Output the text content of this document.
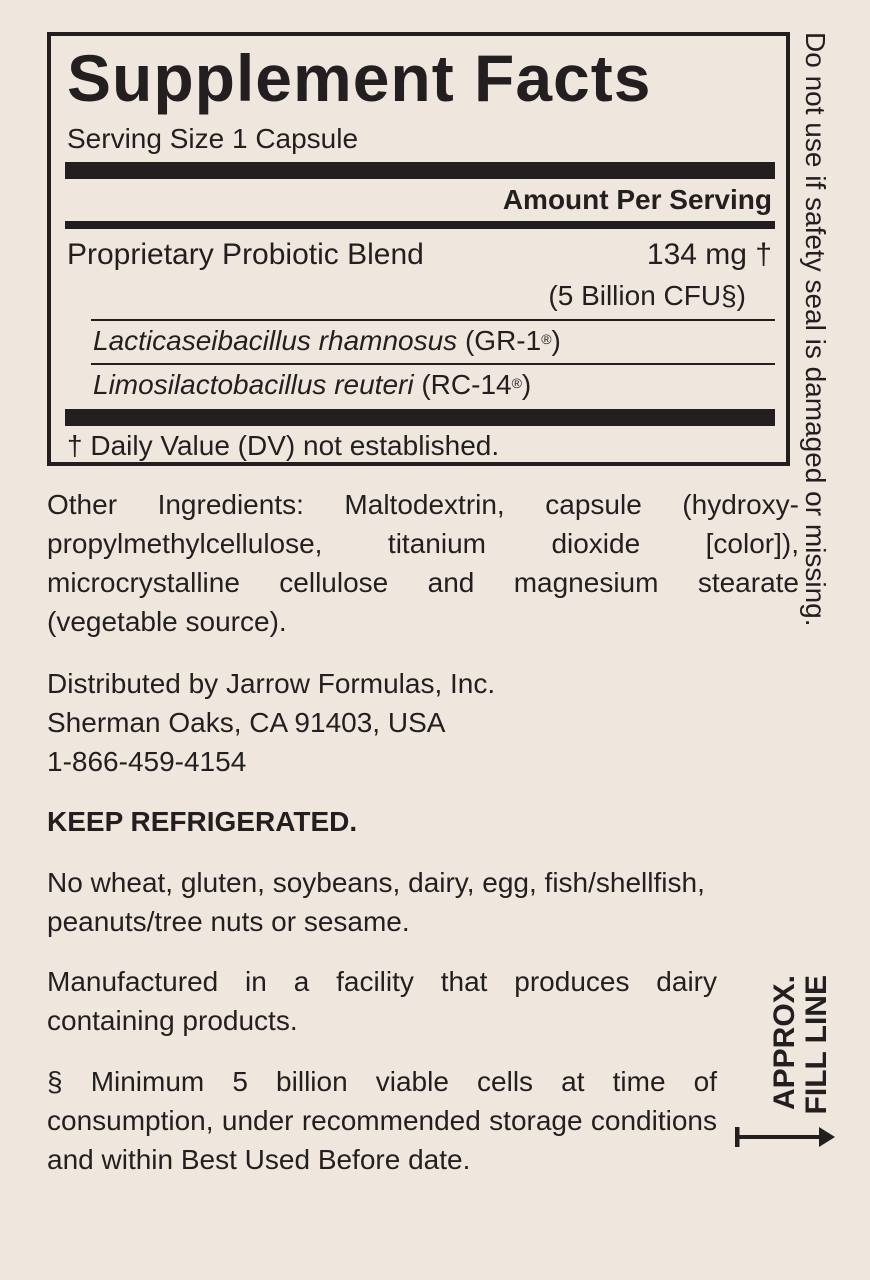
Supplement Facts
Serving Size 1 Capsule
Amount Per Serving
Proprietary Probiotic Blend	134 mg †
(5 Billion CFU§)
Lacticaseibacillus rhamnosus (GR-1®)
Limosilactobacillus reuteri (RC-14®)
† Daily Value (DV) not established.
Other Ingredients: Maltodextrin, capsule (hydroxy-propylmethylcellulose, titanium dioxide [color]), microcrystalline cellulose and magnesium stearate (vegetable source).
Distributed by Jarrow Formulas, Inc.
Sherman Oaks, CA 91403, USA
1-866-459-4154
KEEP REFRIGERATED.
No wheat, gluten, soybeans, dairy, egg, fish/shellfish,
peanuts/tree nuts or sesame.
Manufactured in a facility that produces dairy containing products.
§ Minimum 5 billion viable cells at time of consumption, under recommended storage conditions and within Best Used Before date.
Do not use if safety seal is damaged or missing.
APPROX. FILL LINE
